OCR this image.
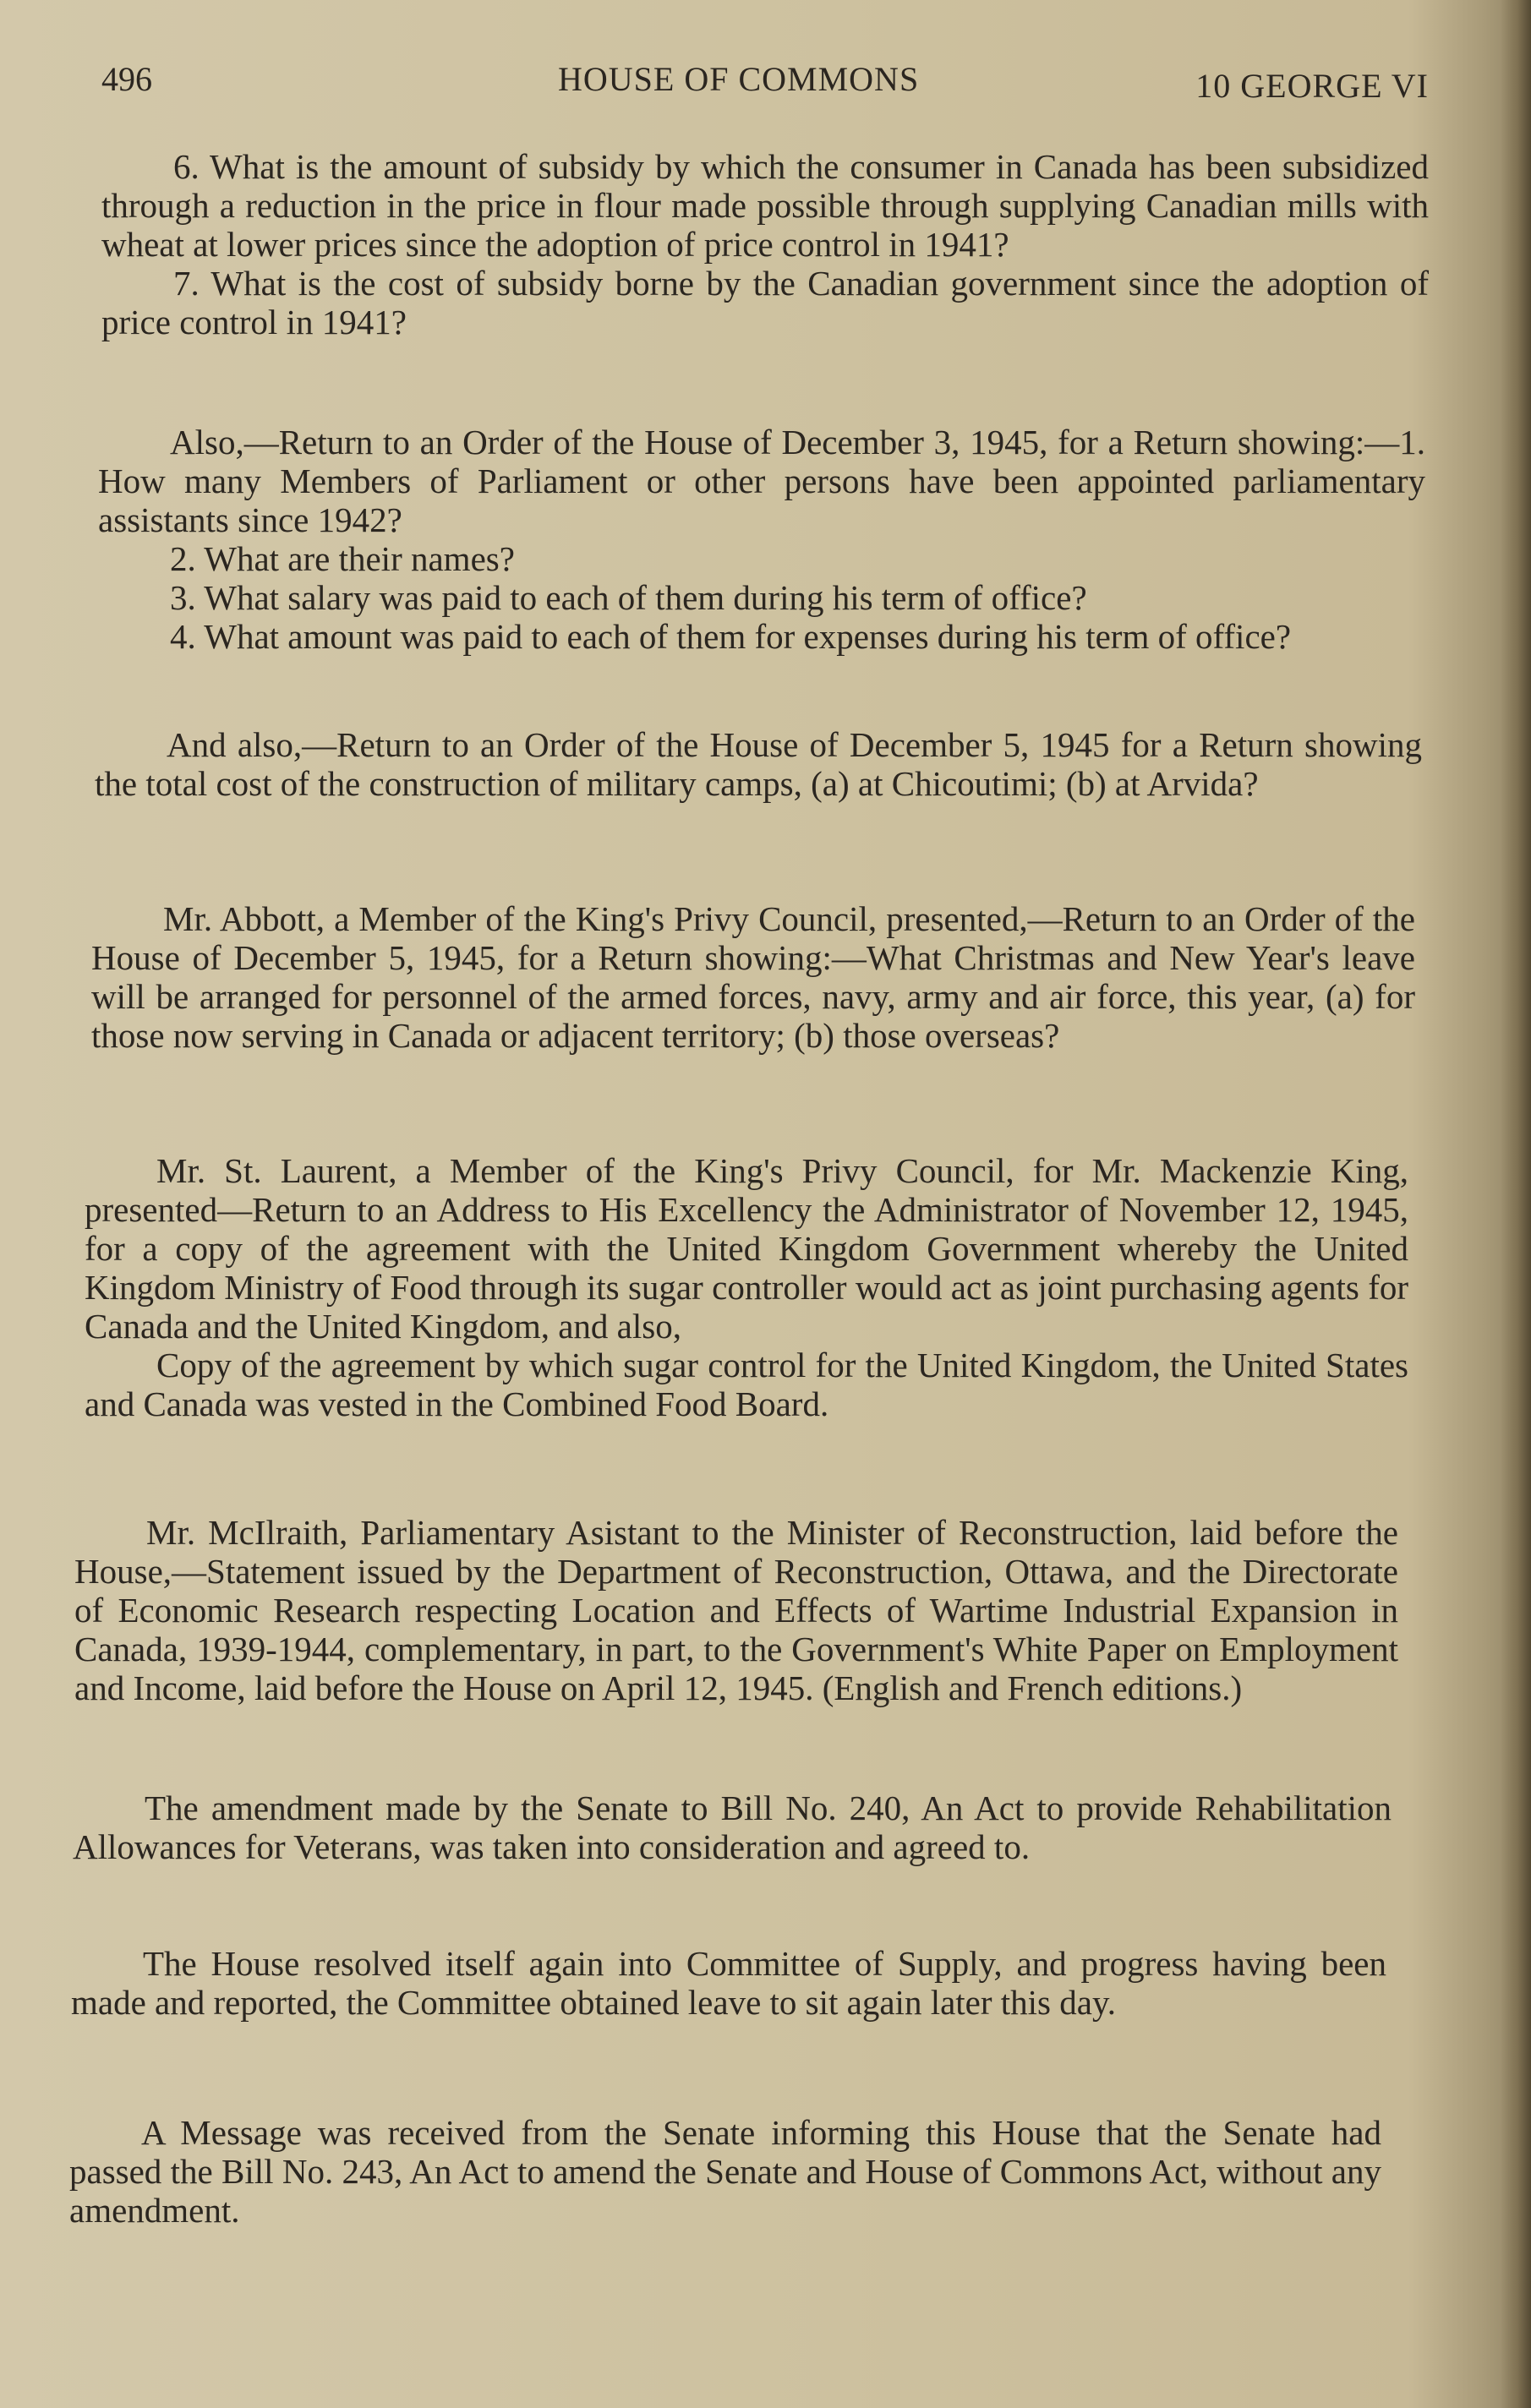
496	HOUSE OF COMMONS	10 GEORGE VI

6. What is the amount of subsidy by which the consumer in Canada has been subsidized through a reduction in the price in flour made possible through supplying Canadian mills with wheat at lower prices since the adoption of price control in 1941?

7. What is the cost of subsidy borne by the Canadian government since the adoption of price control in 1941?

Also,—Return to an Order of the House of December 3, 1945, for a Return showing:—1. How many Members of Parliament or other persons have been appointed parliamentary assistants since 1942?

2. What are their names?

3. What salary was paid to each of them during his term of office?

4. What amount was paid to each of them for expenses during his term of office?

And also,—Return to an Order of the House of December 5, 1945 for a Return showing the total cost of the construction of military camps, (a) at Chicoutimi; (b) at Arvida?

Mr. Abbott, a Member of the King's Privy Council, presented,—Return to an Order of the House of December 5, 1945, for a Return showing:—What Christmas and New Year's leave will be arranged for personnel of the armed forces, navy, army and air force, this year, (a) for those now serving in Canada or adjacent territory; (b) those overseas?

Mr. St. Laurent, a Member of the King's Privy Council, for Mr. Mackenzie King, presented—Return to an Address to His Excellency the Administrator of November 12, 1945, for a copy of the agreement with the United Kingdom Government whereby the United Kingdom Ministry of Food through its sugar controller would act as joint purchasing agents for Canada and the United Kingdom, and also,

Copy of the agreement by which sugar control for the United Kingdom, the United States and Canada was vested in the Combined Food Board.

Mr. McIlraith, Parliamentary Asistant to the Minister of Reconstruction, laid before the House,—Statement issued by the Department of Reconstruction, Ottawa, and the Directorate of Economic Research respecting Location and Effects of Wartime Industrial Expansion in Canada, 1939-1944, complementary, in part, to the Government's White Paper on Employment and Income, laid before the House on April 12, 1945. (English and French editions.)

The amendment made by the Senate to Bill No. 240, An Act to provide Rehabilitation Allowances for Veterans, was taken into consideration and agreed to.

The House resolved itself again into Committee of Supply, and progress having been made and reported, the Committee obtained leave to sit again later this day.

A Message was received from the Senate informing this House that the Senate had passed the Bill No. 243, An Act to amend the Senate and House of Commons Act, without any amendment.
